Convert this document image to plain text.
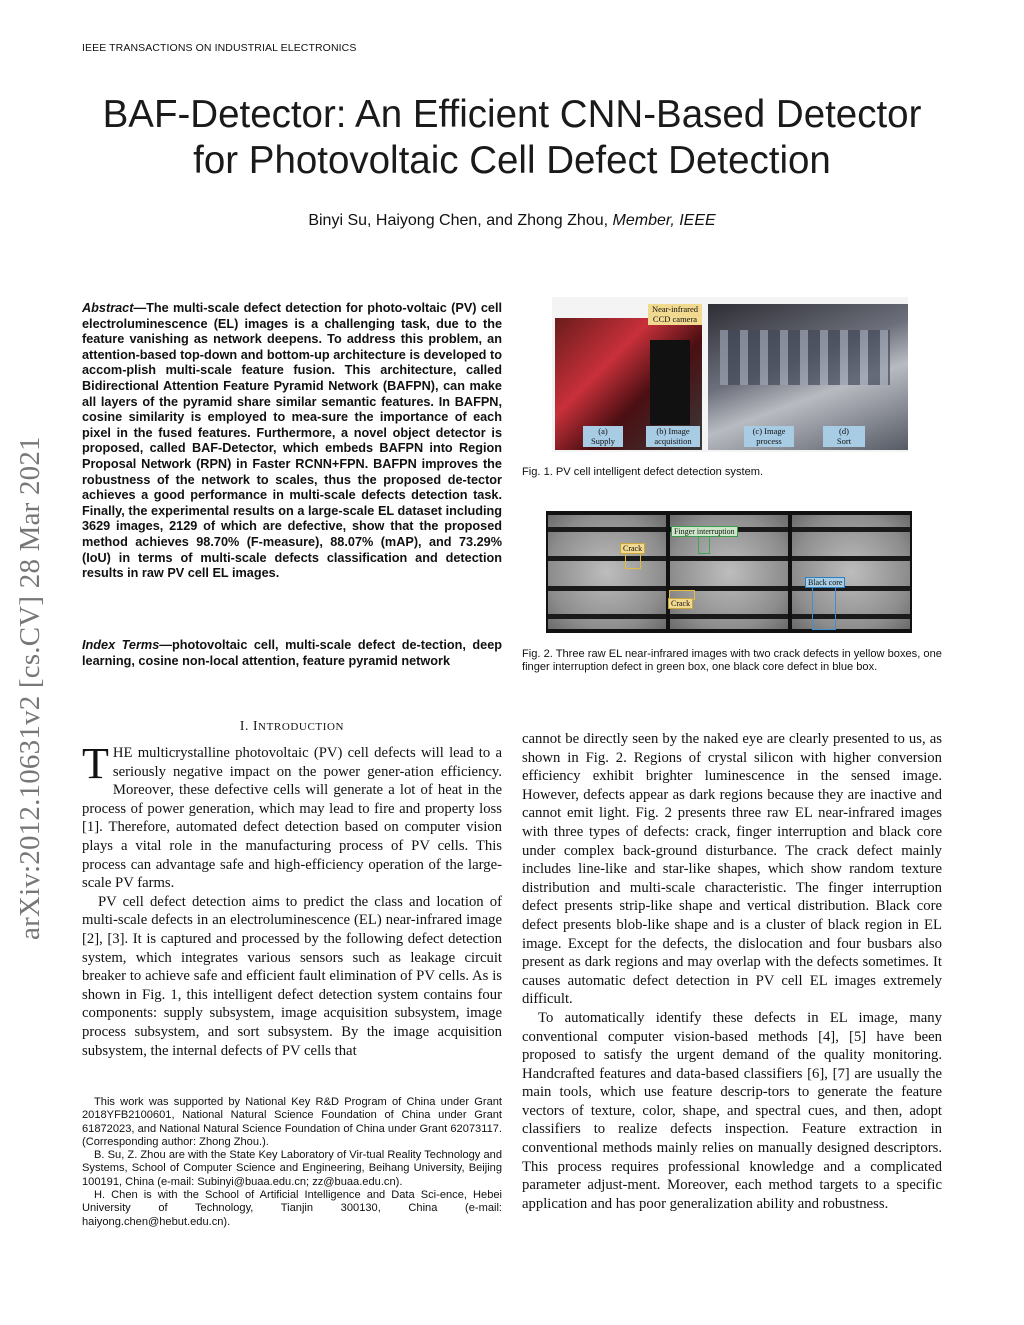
IEEE TRANSACTIONS ON INDUSTRIAL ELECTRONICS
BAF-Detector: An Efficient CNN-Based Detector
for Photovoltaic Cell Defect Detection
Binyi Su, Haiyong Chen, and Zhong Zhou, Member, IEEE
arXiv:2012.10631v2 [cs.CV] 28 Mar 2021
Abstract—The multi-scale defect detection for photo-voltaic (PV) cell electroluminescence (EL) images is a challenging task, due to the feature vanishing as network deepens. To address this problem, an attention-based top-down and bottom-up architecture is developed to accom-plish multi-scale feature fusion. This architecture, called Bidirectional Attention Feature Pyramid Network (BAFPN), can make all layers of the pyramid share similar semantic features. In BAFPN, cosine similarity is employed to mea-sure the importance of each pixel in the fused features. Furthermore, a novel object detector is proposed, called BAF-Detector, which embeds BAFPN into Region Proposal Network (RPN) in Faster RCNN+FPN. BAFPN improves the robustness of the network to scales, thus the proposed de-tector achieves a good performance in multi-scale defects detection task. Finally, the experimental results on a large-scale EL dataset including 3629 images, 2129 of which are defective, show that the proposed method achieves 98.70% (F-measure), 88.07% (mAP), and 73.29% (IoU) in terms of multi-scale defects classification and detection results in raw PV cell EL images.
Index Terms—photovoltaic cell, multi-scale defect de-tection, deep learning, cosine non-local attention, feature pyramid network
I. INTRODUCTION

THE multicrystalline photovoltaic (PV) cell defects will lead to a seriously negative impact on the power gener-ation efficiency. Moreover, these defective cells will generate a lot of heat in the process of power generation, which may lead to fire and property loss [1]. Therefore, automated defect detection based on computer vision plays a vital role in the manufacturing process of PV cells. This process can advantage safe and high-efficiency operation of the large-scale PV farms.

PV cell defect detection aims to predict the class and location of multi-scale defects in an electroluminescence (EL) near-infrared image [2], [3]. It is captured and processed by the following defect detection system, which integrates various sensors such as leakage circuit breaker to achieve safe and efficient fault elimination of PV cells. As is shown in Fig. 1, this intelligent defect detection system contains four components: supply subsystem, image acquisition subsystem, image process subsystem, and sort subsystem. By the image acquisition subsystem, the internal defects of PV cells that

This work was supported by National Key R&D Program of China under Grant 2018YFB2100601, National Natural Science Foundation of China under Grant 61872023, and National Natural Science Foundation of China under Grant 62073117. (Corresponding author: Zhong Zhou.).

B. Su, Z. Zhou are with the State Key Laboratory of Vir-tual Reality Technology and Systems, School of Computer Science and Engineering, Beihang University, Beijing 100191, China (e-mail: Subinyi@buaa.edu.cn; zz@buaa.edu.cn).

H. Chen is with the School of Artificial Intelligence and Data Sci-ence, Hebei University of Technology, Tianjin 300130, China (e-mail: haiyong.chen@hebut.edu.cn).

Near-infrared
CCD camera
(a)
Supply
(b) Image
acquisition
(c) Image
process
(d)
Sort
Fig. 1. PV cell intelligent defect detection system.
Crack
Finger interruption
Crack
Black core
Fig. 2. Three raw EL near-infrared images with two crack defects in yellow boxes, one finger interruption defect in green box, one black core defect in blue box.

cannot be directly seen by the naked eye are clearly presented to us, as shown in Fig. 2. Regions of crystal silicon with higher conversion efficiency exhibit brighter luminescence in the sensed image. However, defects appear as dark regions because they are inactive and cannot emit light. Fig. 2 presents three raw EL near-infrared images with three types of defects: crack, finger interruption and black core under complex back-ground disturbance. The crack defect mainly includes line-like and star-like shapes, which show random texture distribution and multi-scale characteristic. The finger interruption defect presents strip-like shape and vertical distribution. Black core defect presents blob-like shape and is a cluster of black region in EL image. Except for the defects, the dislocation and four busbars also present as dark regions and may overlap with the defects sometimes. It causes automatic defect detection in PV cell EL images extremely difficult.

To automatically identify these defects in EL image, many conventional computer vision-based methods [4], [5] have been proposed to satisfy the urgent demand of the quality monitoring. Handcrafted features and data-based classifiers [6], [7] are usually the main tools, which use feature descrip-tors to generate the feature vectors of texture, color, shape, and spectral cues, and then, adopt classifiers to realize defects inspection. Feature extraction in conventional methods mainly relies on manually designed descriptors. This process requires professional knowledge and a complicated parameter adjust-ment. Moreover, each method targets to a specific application and has poor generalization ability and robustness.
